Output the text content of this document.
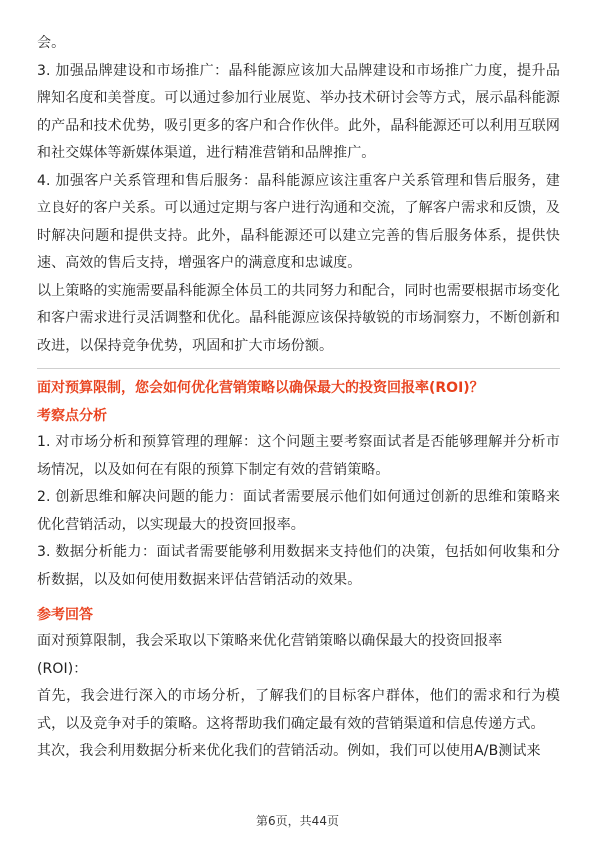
会。

3. 加强品牌建设和市场推广：晶科能源应该加大品牌建设和市场推广力度，提升品牌知名度和美誉度。可以通过参加行业展览、举办技术研讨会等方式，展示晶科能源的产品和技术优势，吸引更多的客户和合作伙伴。此外，晶科能源还可以利用互联网和社交媒体等新媒体渠道，进行精准营销和品牌推广。

4. 加强客户关系管理和售后服务：晶科能源应该注重客户关系管理和售后服务，建立良好的客户关系。可以通过定期与客户进行沟通和交流，了解客户需求和反馈，及时解决问题和提供支持。此外，晶科能源还可以建立完善的售后服务体系，提供快速、高效的售后支持，增强客户的满意度和忠诚度。

以上策略的实施需要晶科能源全体员工的共同努力和配合，同时也需要根据市场变化和客户需求进行灵活调整和优化。晶科能源应该保持敏锐的市场洞察力，不断创新和改进，以保持竞争优势，巩固和扩大市场份额。

面对预算限制，您会如何优化营销策略以确保最大的投资回报率(ROI)？

考察点分析

1. 对市场分析和预算管理的理解：这个问题主要考察面试者是否能够理解并分析市场情况，以及如何在有限的预算下制定有效的营销策略。

2. 创新思维和解决问题的能力：面试者需要展示他们如何通过创新的思维和策略来优化营销活动，以实现最大的投资回报率。

3. 数据分析能力：面试者需要能够利用数据来支持他们的决策，包括如何收集和分析数据，以及如何使用数据来评估营销活动的效果。

参考回答

面对预算限制，我会采取以下策略来优化营销策略以确保最大的投资回报率

(ROI)：

首先，我会进行深入的市场分析，了解我们的目标客户群体，他们的需求和行为模式，以及竞争对手的策略。这将帮助我们确定最有效的营销渠道和信息传递方式。

其次，我会利用数据分析来优化我们的营销活动。例如，我们可以使用A/B测试来

第6页，共44页
